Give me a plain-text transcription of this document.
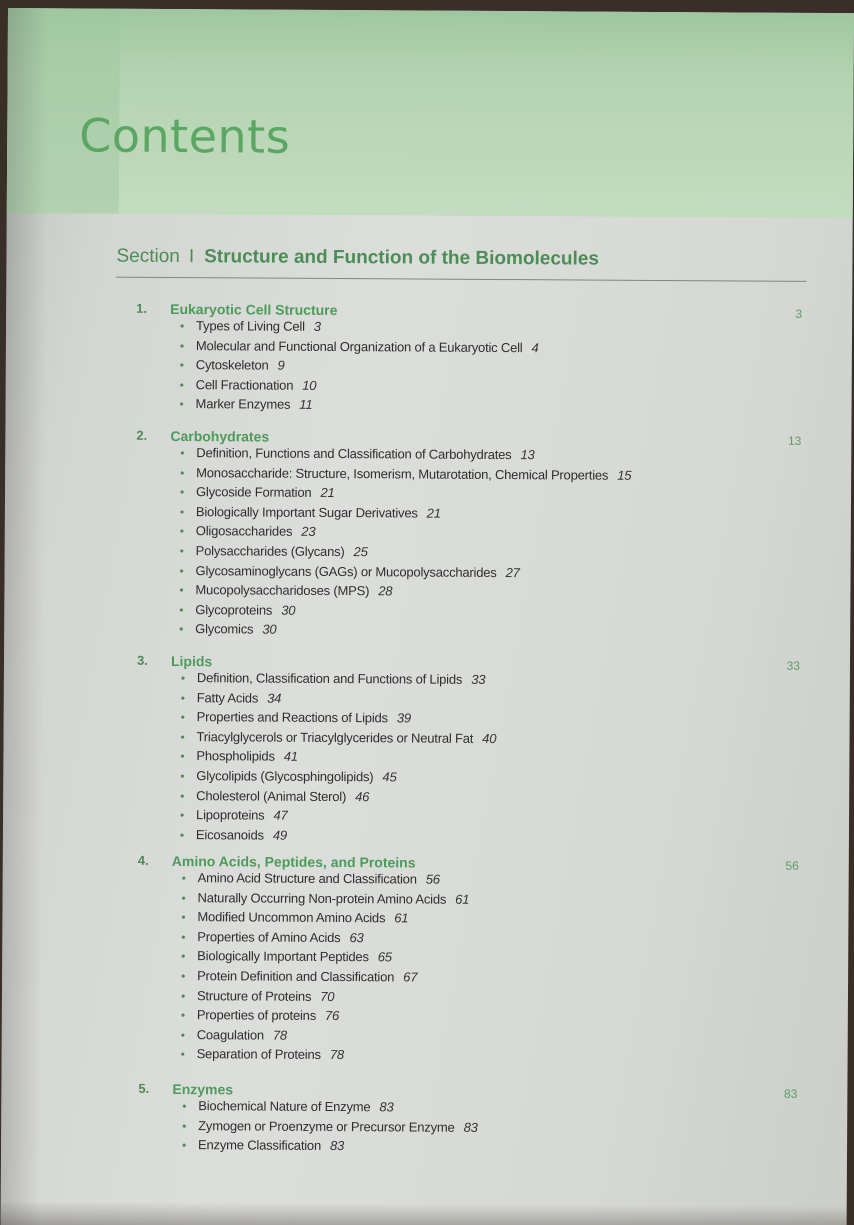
Contents
Section I Structure and Function of the Biomolecules
1. Eukaryotic Cell Structure	3
• Types of Living Cell 3
• Molecular and Functional Organization of a Eukaryotic Cell 4
• Cytoskeleton 9
• Cell Fractionation 10
• Marker Enzymes 11
2. Carbohydrates	13
• Definition, Functions and Classification of Carbohydrates 13
• Monosaccharide: Structure, Isomerism, Mutarotation, Chemical Properties 15
• Glycoside Formation 21
• Biologically Important Sugar Derivatives 21
• Oligosaccharides 23
• Polysaccharides (Glycans) 25
• Glycosaminoglycans (GAGs) or Mucopolysaccharides 27
• Mucopolysaccharidoses (MPS) 28
• Glycoproteins 30
• Glycomics 30
3. Lipids	33
• Definition, Classification and Functions of Lipids 33
• Fatty Acids 34
• Properties and Reactions of Lipids 39
• Triacylglycerols or Triacylglycerides or Neutral Fat 40
• Phospholipids 41
• Glycolipids (Glycosphingolipids) 45
• Cholesterol (Animal Sterol) 46
• Lipoproteins 47
• Eicosanoids 49
4. Amino Acids, Peptides, and Proteins	56
• Amino Acid Structure and Classification 56
• Naturally Occurring Non-protein Amino Acids 61
• Modified Uncommon Amino Acids 61
• Properties of Amino Acids 63
• Biologically Important Peptides 65
• Protein Definition and Classification 67
• Structure of Proteins 70
• Properties of proteins 76
• Coagulation 78
• Separation of Proteins 78
5. Enzymes	83
• Biochemical Nature of Enzyme 83
• Zymogen or Proenzyme or Precursor Enzyme 83
• Enzyme Classification 83
